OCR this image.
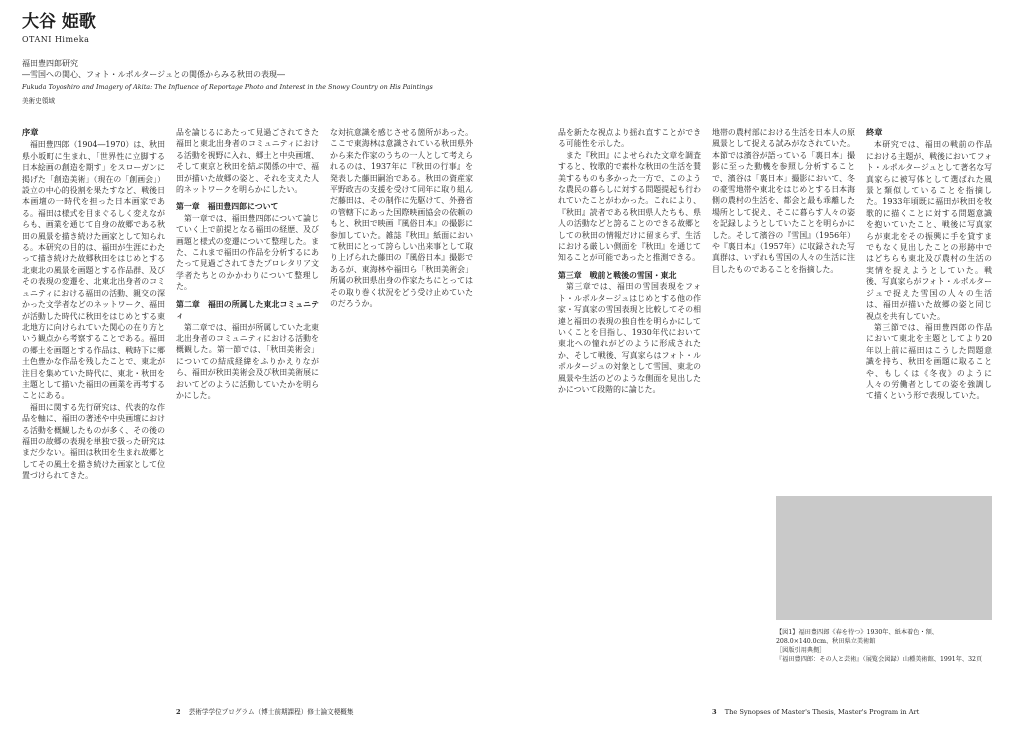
大谷 姫歌
OTANI Himeka
福田豊四郎研究
―雪国への関心、フォト・ルポルタージュとの関係からみる秋田の表現―
Fukuda Toyoshiro and Imagery of Akita: The Influence of Reportage Photo and Interest in the Snowy Country on His Paintings
美術史領域
序章

福田豊四郎（1904―1970）は、秋田県小坂町に生まれ、「世界性に立脚する日本絵画の創造を期す」をスローガンに掲げた「創造美術」（現在の「創画会」）設立の中心的役割を果たすなど、戦後日本画壇の一時代を担った日本画家である。福田は様式を目まぐるしく変えながらも、画業を通じて自身の故郷である秋田の風景を描き続けた画家として知られる。本研究の目的は、福田が生涯にわたって描き続けた故郷秋田をはじめとする北東北の風景を画題とする作品群、及びその表現の変遷を、北東北出身者のコミュニティにおける福田の活動、親交の深かった文学者などのネットワーク、福田が活動した時代に秋田をはじめとする東北地方に向けられていた関心の在り方という観点から考察することである。福田の郷土を画題とする作品は、戦時下に郷土色豊かな作品を残したことで、東北が注目を集めていた時代に、東北・秋田を主題として描いた福田の画業を再考することにある。

福田に関する先行研究は、代表的な作品を軸に、福田の著述や中央画壇における活動を概観したものが多く、その後の福田の故郷の表現を単独で扱った研究はまだ少ない。福田は秋田を生まれ故郷としてその風土を描き続けた画家として位置づけられてきた。

品を論じるにあたって見過ごされてきた福田と東北出身者のコミュニティにおける活動を視野に入れ、郷土と中央画壇、そして東京と秋田を結ぶ関係の中で、福田が描いた故郷の姿と、それを支えた人的ネットワークを明らかにしたい。

第一章　福田豊四郎について

第一章では、福田豊四郎について論じていく上で前提となる福田の経歴、及び画題と様式の変遷について整理した。また、これまで福田の作品を分析するにあたって見過ごされてきたプロレタリア文学者たちとのかかわりについて整理した。

第二章　福田の所属した東北コミュニティ

第二章では、福田が所属していた北東北出身者のコミュニティにおける活動を概観した。第一節では、「秋田美術会」についての結成経緯をふりかえりながら、福田が秋田美術会及び秋田美術展においてどのように活動していたかを明らかにした。

な対抗意識を感じさせる箇所があった。ここで東海林は意識されている秋田県外から来た作家のうちの一人として考えられるのは、1937年に『秋田の行事』を発表した藤田嗣治である。秋田の資産家平野政吉の支援を受けて同年に取り組んだ藤田は、その制作に先駆けて、外務省の管轄下にあった国際映画協会の依頼のもと、秋田で映画『風俗日本』の撮影に参加していた。雑誌『秋田』紙面において秋田にとって誇らしい出来事として取り上げられた藤田の『風俗日本』撮影であるが、東海林や福田ら「秋田美術会」所属の秋田県出身の作家たちにとってはその取り巻く状況をどう受け止めていたのだろうか。

品を新たな視点より揺れ直すことができる可能性を示した。

また『秋田』によせられた文章を調査すると、牧歌的で素朴な秋田の生活を賛美するものも多かった一方で、このような農民の暮らしに対する問題提起も行われていたことがわかった。これにより、『秋田』読者である秋田県人たちも、県人の活動などと誇ることのできる故郷としての秋田の情報だけに留まらず、生活における厳しい側面を『秋田』を通じて知ることが可能であったと推測できる。

第三章　戦前と戦後の雪国・東北

第三章では、福田の雪国表現をフォト・ルポルタージュはじめとする他の作家・写真家の雪国表現と比較してその相違と福田の表現の独自性を明らかにしていくことを目指し、1930年代において東北への憧れがどのように形成されたか、そして戦後、写真家らはフォト・ルポルタージュの対象として雪国、東北の風景や生活のどのような側面を見出したかについて段階的に論じた。

地帯の農村部における生活を日本人の原風景として捉える試みがなされていた。本節では濱谷が語っている「裏日本」撮影に至った動機を参照し分析することで、濱谷は「裏日本」撮影において、冬の豪雪地帯や東北をはじめとする日本海側の農村の生活を、都会と最も乖離した場所として捉え、そこに暮らす人々の姿を記録しようとしていたことを明らかにした。そして濱谷の『雪国』（1956年）や『裏日本』（1957年）に収録された写真群は、いずれも雪国の人々の生活に注目したものであることを指摘した。

終章

本研究では、福田の戦前の作品における主題が、戦後においてフォト・ルポルタージュとして著名な写真家らに被写体として選ばれた風景と類似していることを指摘した。1933年頃既に福田が秋田を牧歌的に描くことに対する問題意識を抱いていたこと、戦後に写真家らが東北をその振興に手を貸すまでもなく見出したことの形跡中ではどちらも東北及び農村の生活の実情を捉えようとしていた。戦後、写真家らがフォト・ルポルタージュで捉えた雪国の人々の生活は、福田が描いた故郷の姿と同じ視点を共有していた。

第三節では、福田豊四郎の作品において東北を主題としてより20年以上前に福田はこうした問題意識を持ち、秋田を画題に取ることや、もしくは《冬夜》のように人々の労働者としての姿を強調して描くという形で表現していた。

【図1】福田豊四郎《春を待つ》1930年、紙本着色・額、208.0×140.0cm、秋田県立美術館
［図版引用典拠］
『福田豊四郎：その人と芸術』（展覧会図録）山種美術館、1991年、32頁
2 芸術学学位プログラム（博士前期課程）修士論文梗概集	3 The Synopses of Master's Thesis, Master's Program in Art
